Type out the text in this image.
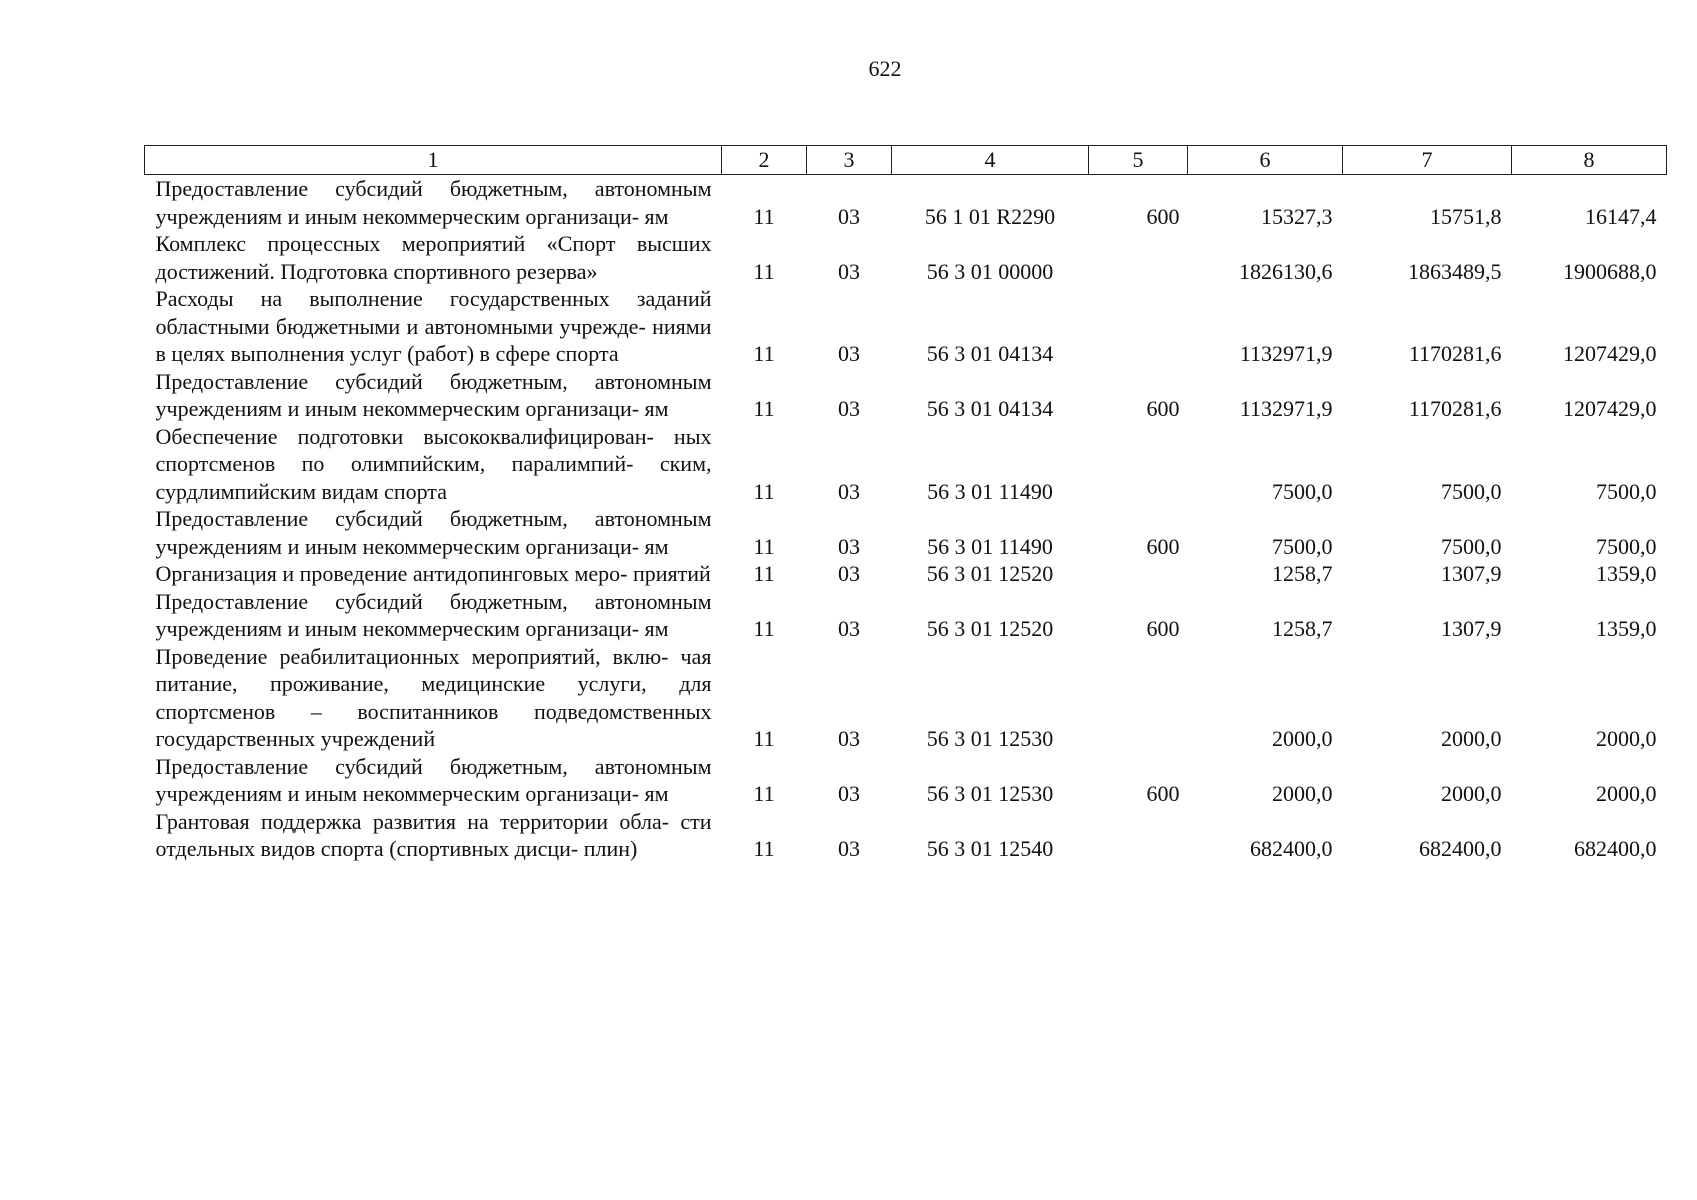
622
1	2	3	4	5	6	7	8
Предоставление субсидий бюджетным, автономным учреждениям и иным некоммерческим организаци- ям	11	03	56 1 01 R2290	600	15327,3	15751,8	16147,4
Комплекс процессных мероприятий «Спорт высших достижений. Подготовка спортивного резерва»	11	03	56 3 01 00000		1826130,6	1863489,5	1900688,0
Расходы на выполнение государственных заданий областными бюджетными и автономными учрежде- ниями в целях выполнения услуг (работ) в сфере спорта	11	03	56 3 01 04134		1132971,9	1170281,6	1207429,0
Предоставление субсидий бюджетным, автономным учреждениям и иным некоммерческим организаци- ям	11	03	56 3 01 04134	600	1132971,9	1170281,6	1207429,0
Обеспечение подготовки высококвалифицирован- ных спортсменов по олимпийским, паралимпий- ским, сурдлимпийским видам спорта	11	03	56 3 01 11490		7500,0	7500,0	7500,0
Предоставление субсидий бюджетным, автономным учреждениям и иным некоммерческим организаци- ям	11	03	56 3 01 11490	600	7500,0	7500,0	7500,0
Организация и проведение антидопинговых меро- приятий	11	03	56 3 01 12520		1258,7	1307,9	1359,0
Предоставление субсидий бюджетным, автономным учреждениям и иным некоммерческим организаци- ям	11	03	56 3 01 12520	600	1258,7	1307,9	1359,0
Проведение реабилитационных мероприятий, вклю- чая питание, проживание, медицинские услуги, для спортсменов – воспитанников подведомственных государственных учреждений	11	03	56 3 01 12530		2000,0	2000,0	2000,0
Предоставление субсидий бюджетным, автономным учреждениям и иным некоммерческим организаци- ям	11	03	56 3 01 12530	600	2000,0	2000,0	2000,0
Грантовая поддержка развития на территории обла- сти отдельных видов спорта (спортивных дисци- плин)	11	03	56 3 01 12540		682400,0	682400,0	682400,0
